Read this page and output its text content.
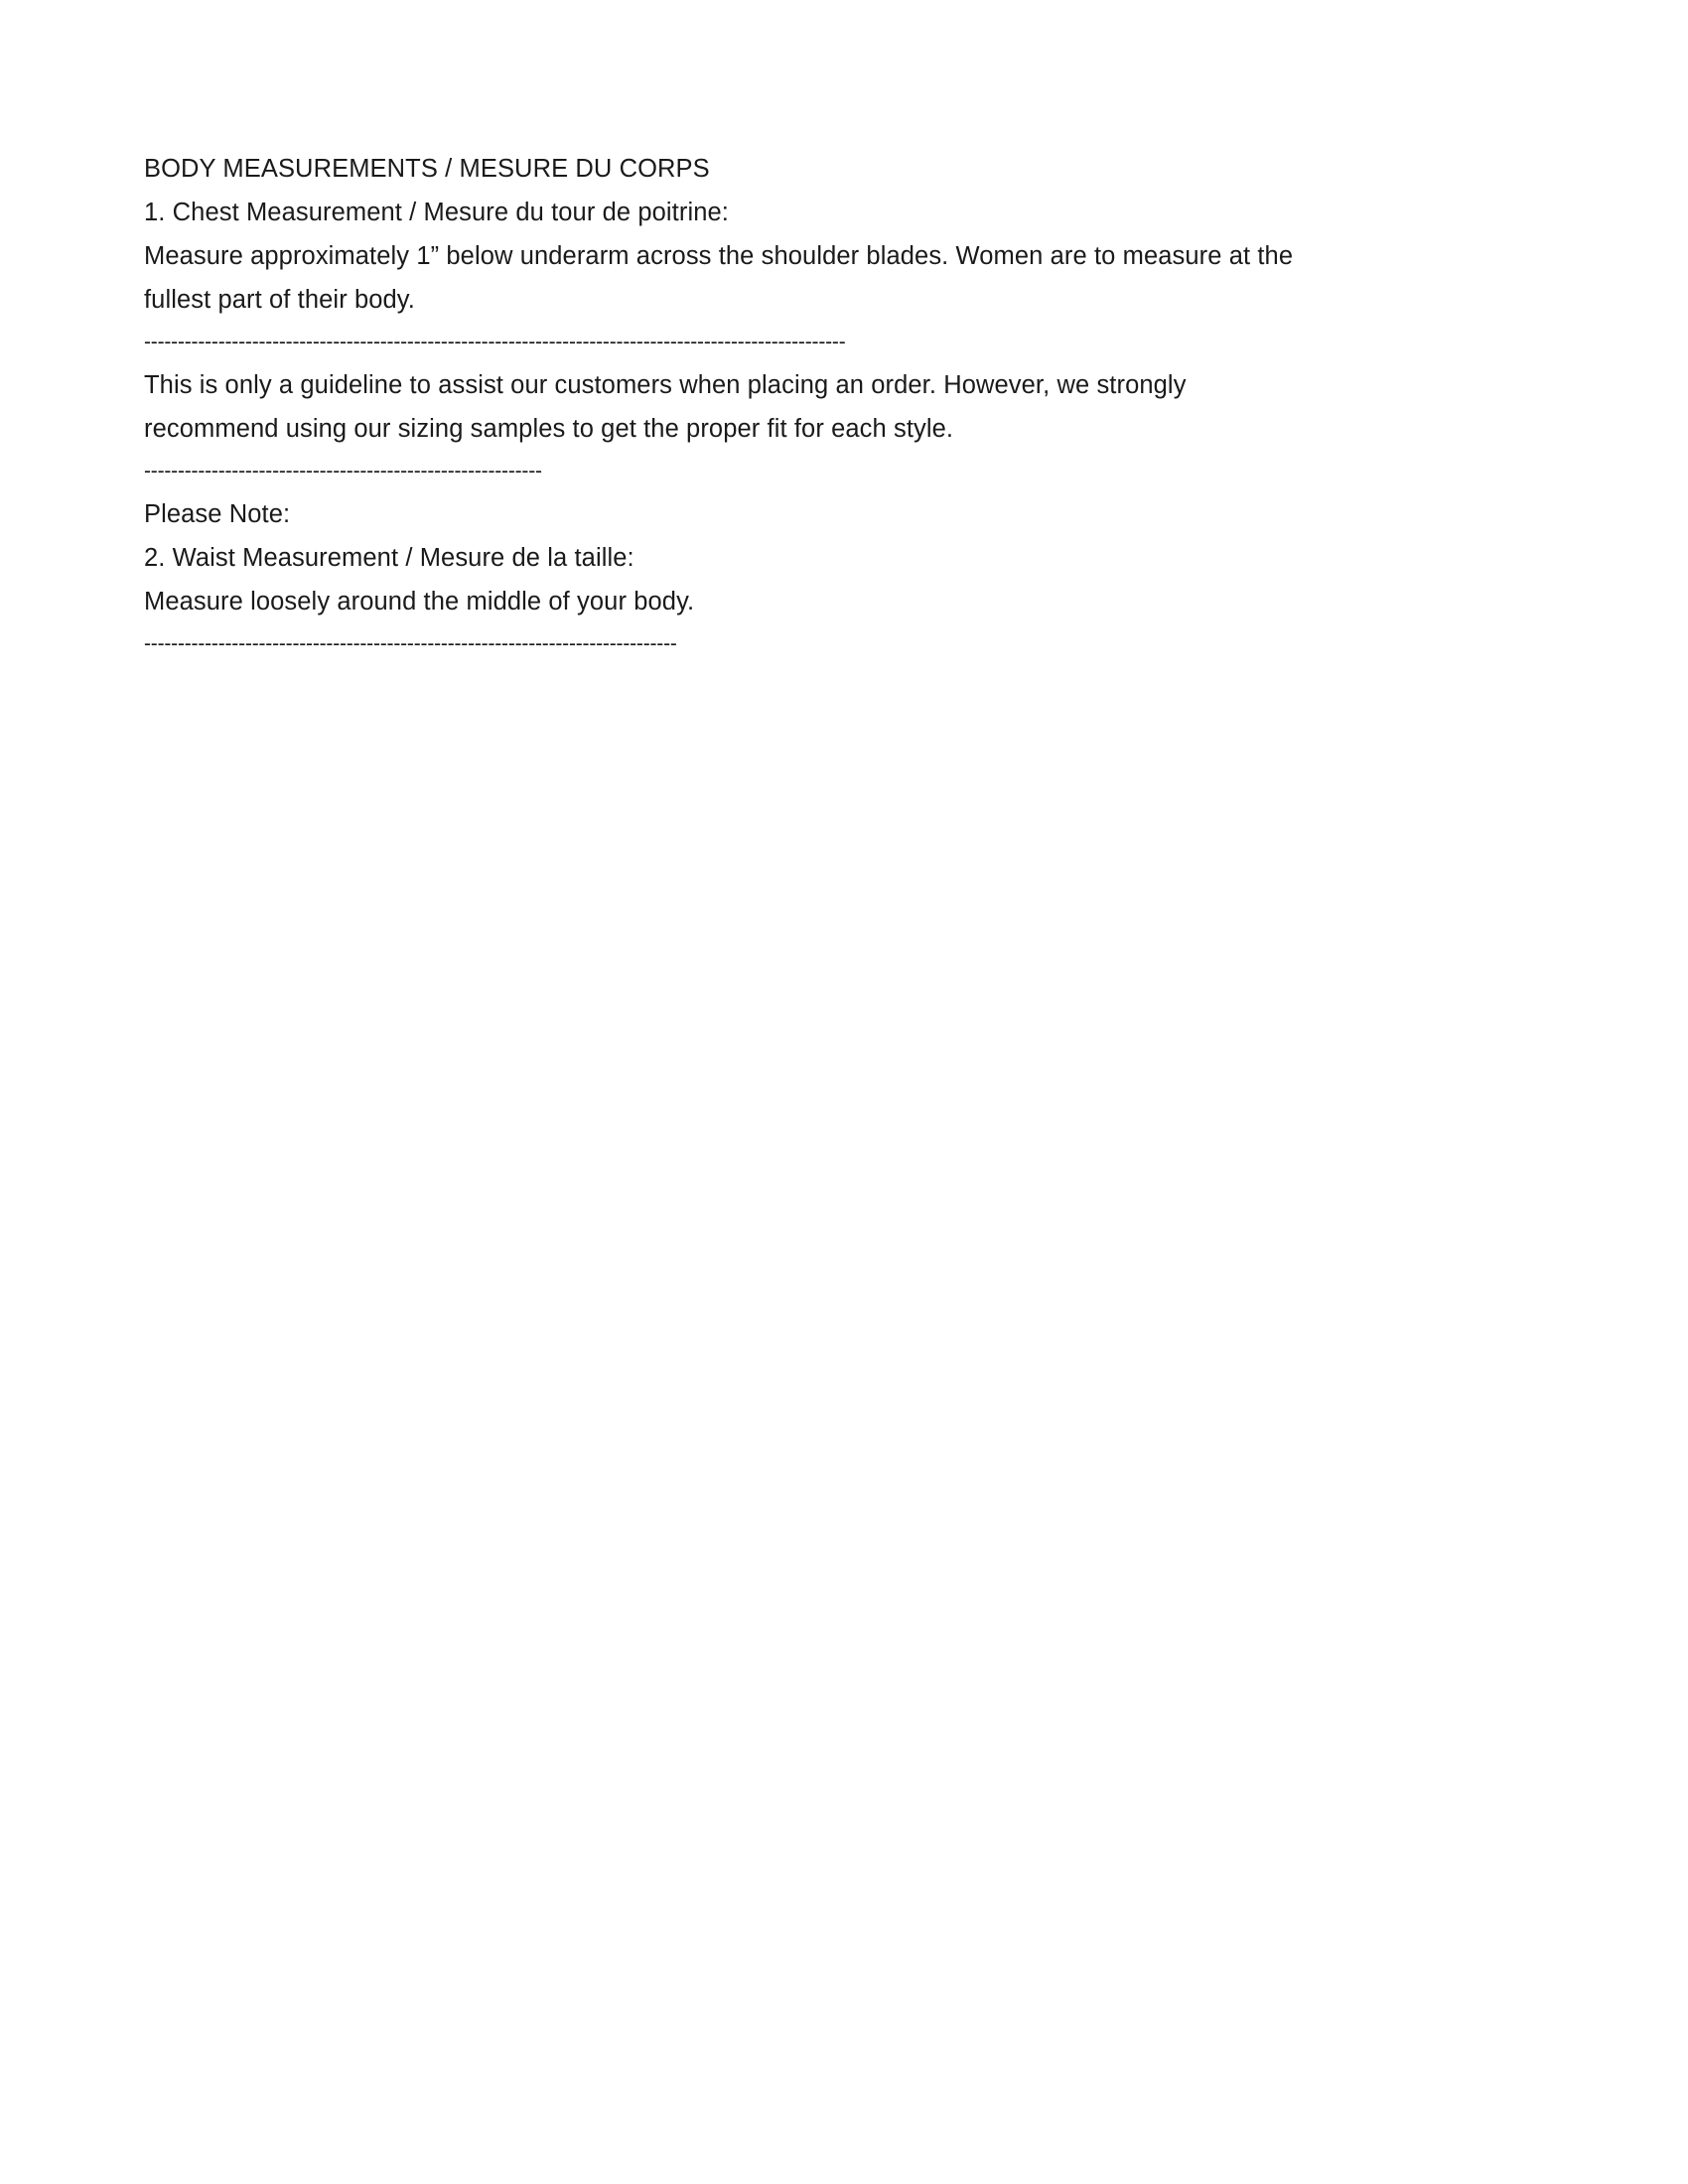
BODY MEASUREMENTS / MESURE DU CORPS
1. Chest Measurement / Mesure du tour de poitrine:
Measure approximately 1” below underarm across the shoulder blades. Women are to measure at the fullest part of their body.
--------------------------------------------------------------------------------------------------------
This is only a guideline to assist our customers when placing an order. However, we strongly recommend using our sizing samples to get the proper fit for each style.
-----------------------------------------------------------
Please Note:
2. Waist Measurement / Mesure de la taille:
Measure loosely around the middle of your body.
-------------------------------------------------------------------------------
